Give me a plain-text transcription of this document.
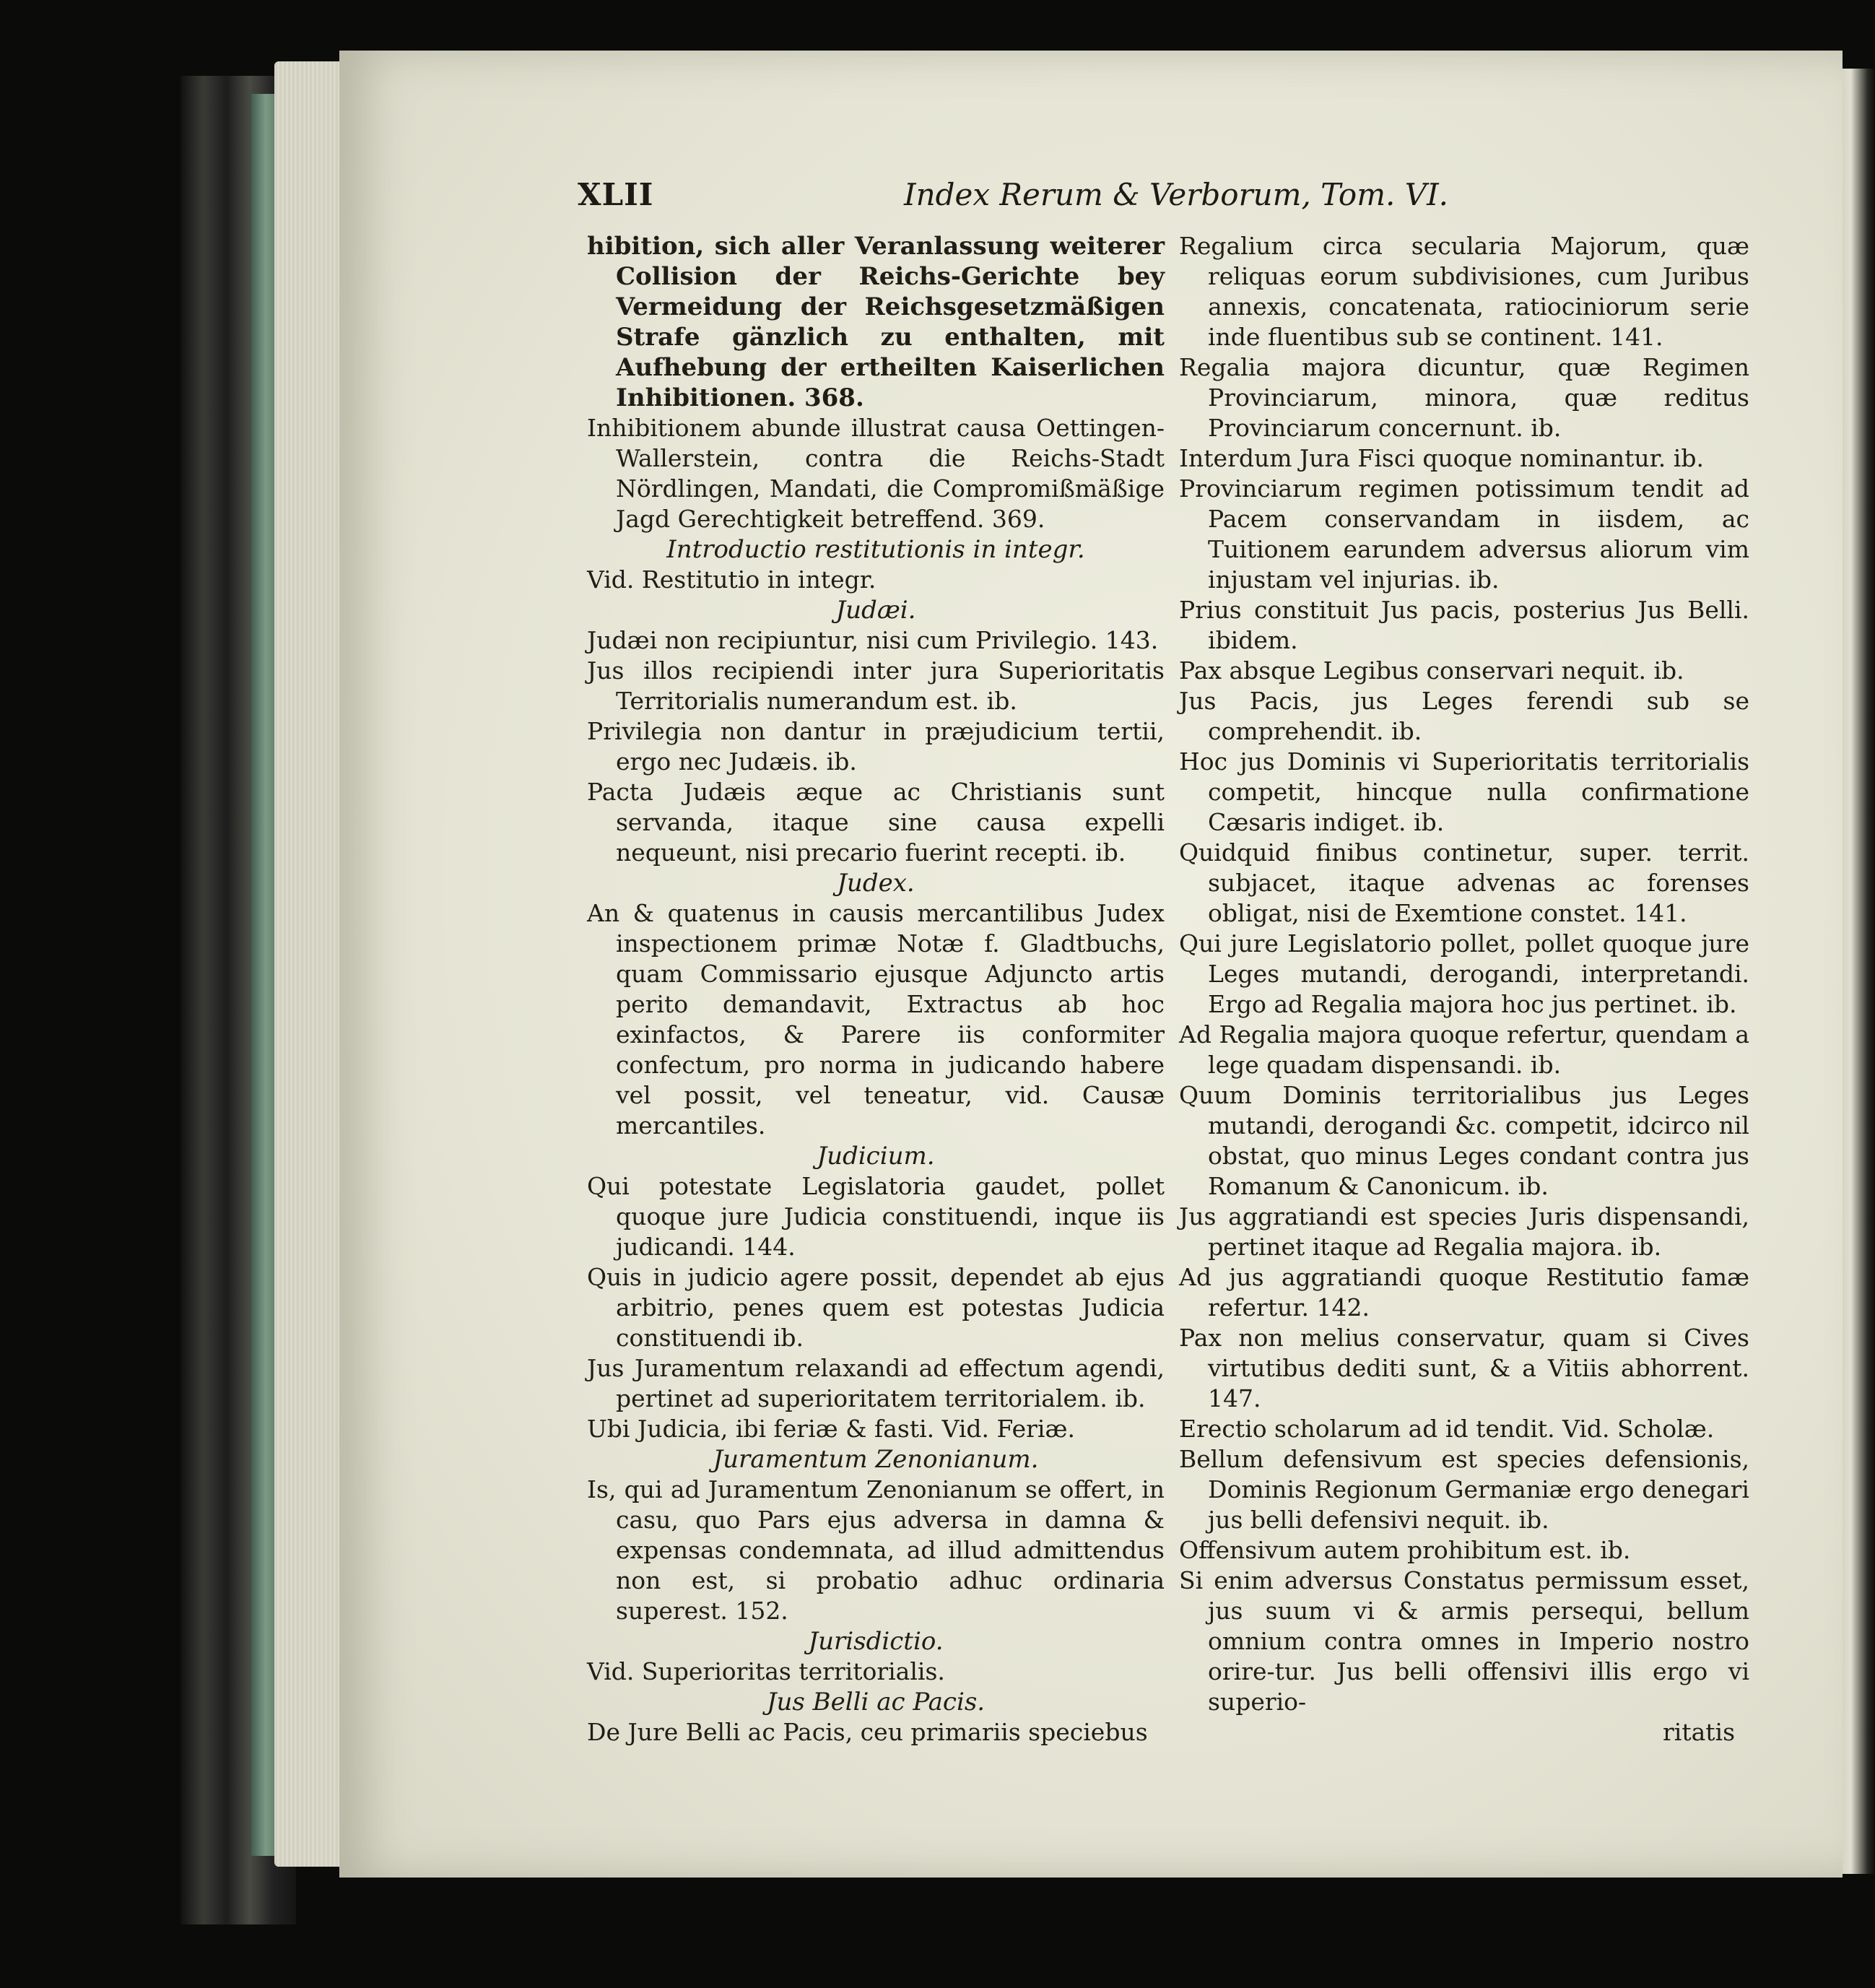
XLII	Index Rerum & Verborum, Tom. VI.

hibition, sich aller Veranlassung weiterer Collision der Reichs-Gerichte bey Vermeidung der Reichsgesetzmäßigen Strafe gänzlich zu enthalten, mit Aufhebung der ertheilten Kaiserlichen Inhibitionen. 368.

Inhibitionem abunde illustrat causa Oettingen-Wallerstein, contra die Reichs-Stadt Nördlingen, Mandati, die Compromißmäßige Jagd Gerechtigkeit betreffend. 369.

Introductio restitutionis in integr.

Vid. Restitutio in integr.

Judæi.

Judæi non recipiuntur, nisi cum Privilegio. 143.

Jus illos recipiendi inter jura Superioritatis Territorialis numerandum est. ib.

Privilegia non dantur in præjudicium tertii, ergo nec Judæis. ib.

Pacta Judæis æque ac Christianis sunt servanda, itaque sine causa expelli nequeunt, nisi precario fuerint recepti. ib.

Judex.

An & quatenus in causis mercantilibus Judex inspectionem primæ Notæ f. Gladtbuchs, quam Commissario ejusque Adjuncto artis perito demandavit, Extractus ab hoc exinfactos, & Parere iis conformiter confectum, pro norma in judicando habere vel possit, vel teneatur, vid. Causæ mercantiles.

Judicium.

Qui potestate Legislatoria gaudet, pollet quoque jure Judicia constituendi, inque iis judicandi. 144.

Quis in judicio agere possit, dependet ab ejus arbitrio, penes quem est potestas Judicia constituendi ib.

Jus Juramentum relaxandi ad effectum agendi, pertinet ad superioritatem territorialem. ib.

Ubi Judicia, ibi feriæ & fasti. Vid. Feriæ.

Juramentum Zenonianum.

Is, qui ad Juramentum Zenonianum se offert, in casu, quo Pars ejus adversa in damna & expensas condemnata, ad illud admittendus non est, si probatio adhuc ordinaria superest. 152.

Jurisdictio.

Vid. Superioritas territorialis.

Jus Belli ac Pacis.

De Jure Belli ac Pacis, ceu primariis speciebus

Regalium circa secularia Majorum, quæ reliquas eorum subdivisiones, cum Juribus annexis, concatenata, ratiociniorum serie inde fluentibus sub se continent. 141.

Regalia majora dicuntur, quæ Regimen Provinciarum, minora, quæ reditus Provinciarum concernunt. ib.

Interdum Jura Fisci quoque nominantur. ib.

Provinciarum regimen potissimum tendit ad Pacem conservandam in iisdem, ac Tuitionem earundem adversus aliorum vim injustam vel injurias. ib.

Prius constituit Jus pacis, posterius Jus Belli. ibidem.

Pax absque Legibus conservari nequit. ib.

Jus Pacis, jus Leges ferendi sub se comprehendit. ib.

Hoc jus Dominis vi Superioritatis territorialis competit, hincque nulla confirmatione Cæsaris indiget. ib.

Quidquid finibus continetur, super. territ. subjacet, itaque advenas ac forenses obligat, nisi de Exemtione constet. 141.

Qui jure Legislatorio pollet, pollet quoque jure Leges mutandi, derogandi, interpretandi. Ergo ad Regalia majora hoc jus pertinet. ib.

Ad Regalia majora quoque refertur, quendam a lege quadam dispensandi. ib.

Quum Dominis territorialibus jus Leges mutandi, derogandi &c. competit, idcirco nil obstat, quo minus Leges condant contra jus Romanum & Canonicum. ib.

Jus aggratiandi est species Juris dispensandi, pertinet itaque ad Regalia majora. ib.

Ad jus aggratiandi quoque Restitutio famæ refertur. 142.

Pax non melius conservatur, quam si Cives virtutibus dediti sunt, & a Vitiis abhorrent. 147.

Erectio scholarum ad id tendit. Vid. Scholæ.

Bellum defensivum est species defensionis, Dominis Regionum Germaniæ ergo denegari jus belli defensivi nequit. ib.

Offensivum autem prohibitum est. ib.

Si enim adversus Constatus permissum esset, jus suum vi & armis persequi, bellum omnium contra omnes in Imperio nostro orire-tur. Jus belli offensivi illis ergo vi superio-

ritatis
